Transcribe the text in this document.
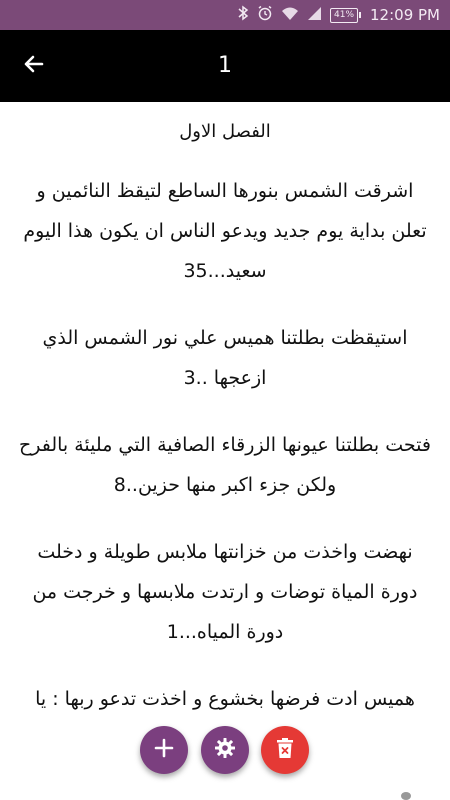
41% 12:09 PM
1
الفصل الاول

اشرقت الشمس بنورها الساطع لتيقظ النائمين و تعلن بداية يوم جديد ويدعو الناس ان يكون هذا اليوم سعيد...35

استيقظت بطلتنا هميس علي نور الشمس الذي ازعجها ..3

فتحت بطلتنا عيونها الزرقاء الصافية التي مليئة بالفرح ولكن جزء اكبر منها حزين..8

نهضت واخذت من خزانتها ملابس طويلة و دخلت دورة المياة توضات و ارتدت ملابسها و خرجت من دورة المياه...1

هميس ادت فرضها بخشوع و اخذت تدعو ربها : يا
